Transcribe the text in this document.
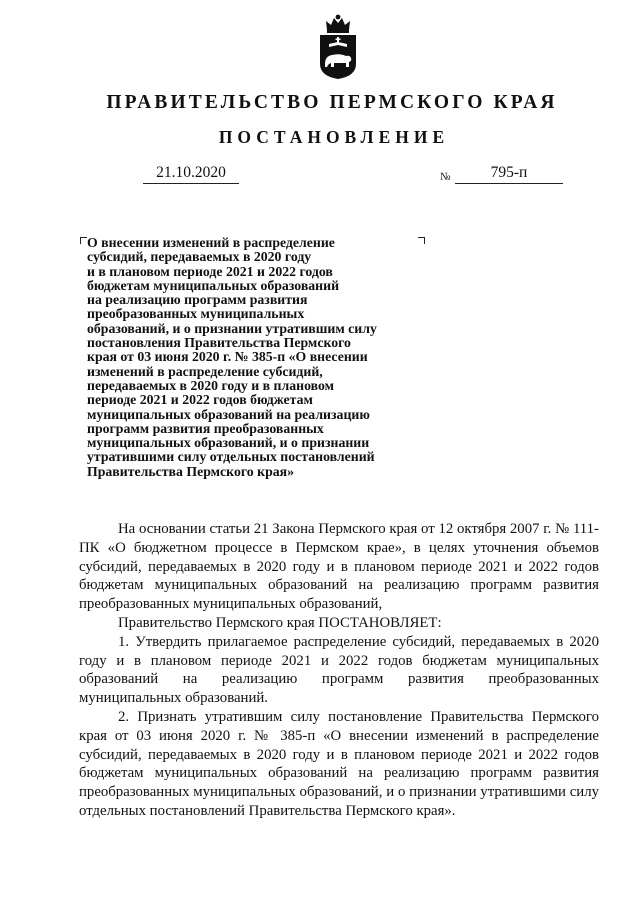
ПРАВИТЕЛЬСТВО ПЕРМСКОГО КРАЯ
ПОСТАНОВЛЕНИЕ
21.10.2020	№	795-п
О внесении изменений в распределение
субсидий, передаваемых в 2020 году
и в плановом периоде 2021 и 2022 годов
бюджетам муниципальных образований
на реализацию программ развития
преобразованных муниципальных
образований, и о признании утратившим силу
постановления Правительства Пермского
края от 03 июня 2020 г. № 385-п «О внесении
изменений в распределение субсидий,
передаваемых в 2020 году и в плановом
периоде 2021 и 2022 годов бюджетам
муниципальных образований на реализацию
программ развития преобразованных
муниципальных образований, и о признании
утратившими силу отдельных постановлений
Правительства Пермского края»

На основании статьи 21 Закона Пермского края от 12 октября 2007 г. № 111-ПК «О бюджетном процессе в Пермском крае», в целях уточнения объемов субсидий, передаваемых в 2020 году и в плановом периоде 2021 и 2022 годов бюджетам муниципальных образований на реализацию программ развития преобразованных муниципальных образований,

Правительство Пермского края ПОСТАНОВЛЯЕТ:

1. Утвердить прилагаемое распределение субсидий, передаваемых в 2020 году и в плановом периоде 2021 и 2022 годов бюджетам муниципальных образований на реализацию программ развития преобразованных муниципальных образований.

2. Признать утратившим силу постановление Правительства Пермского края от 03 июня 2020 г. № 385-п «О внесении изменений в распределение субсидий, передаваемых в 2020 году и в плановом периоде 2021 и 2022 годов бюджетам муниципальных образований на реализацию программ развития преобразованных муниципальных образований, и о признании утратившими силу отдельных постановлений Правительства Пермского края».
